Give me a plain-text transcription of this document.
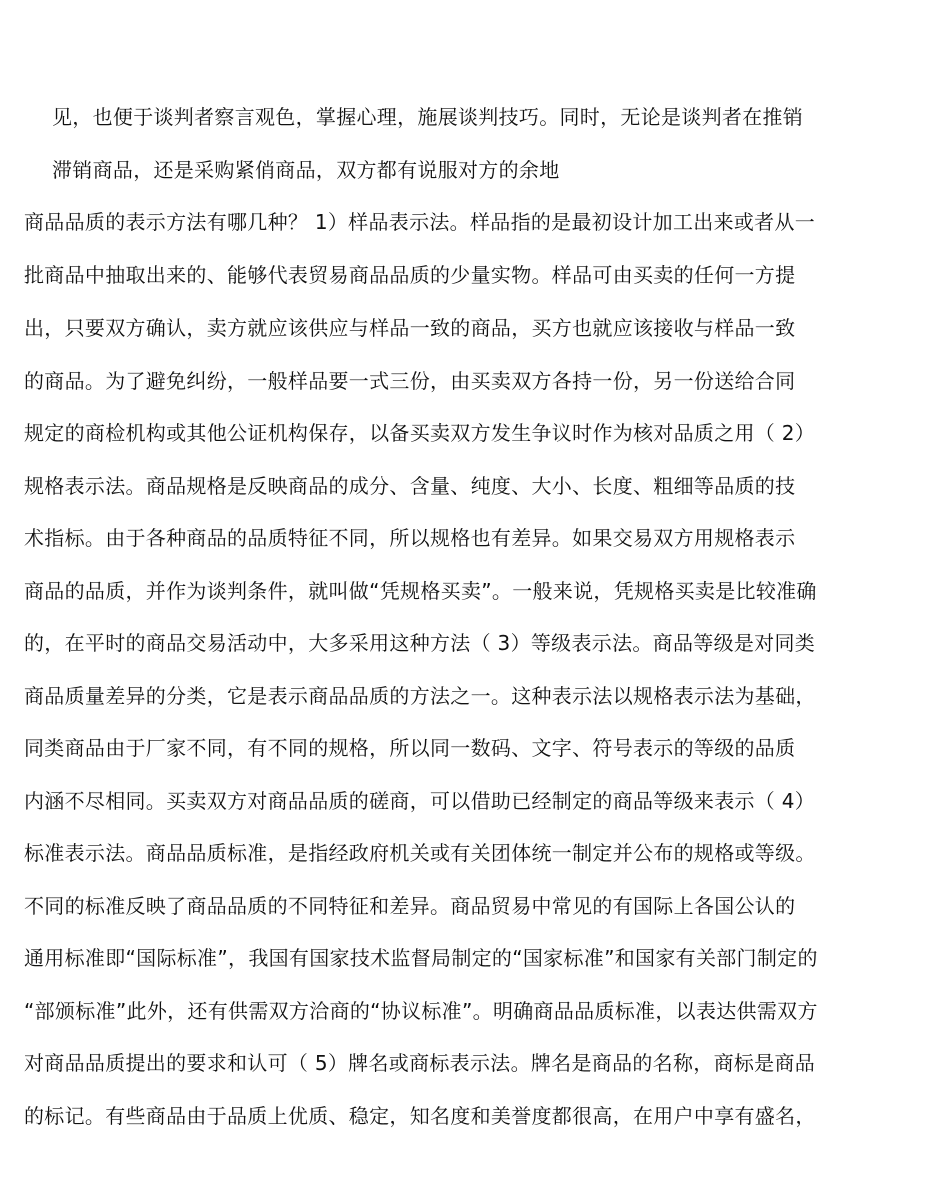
见，也便于谈判者察言观色，掌握心理，施展谈判技巧。同时，无论是谈判者在推销
滞销商品，还是采购紧俏商品，双方都有说服对方的余地
商品品质的表示方法有哪几种？ 1）样品表示法。样品指的是最初设计加工出来或者从一
批商品中抽取出来的、能够代表贸易商品品质的少量实物。样品可由买卖的任何一方提
出，只要双方确认，卖方就应该供应与样品一致的商品，买方也就应该接收与样品一致
的商品。为了避免纠纷，一般样品要一式三份，由买卖双方各持一份，另一份送给合同
规定的商检机构或其他公证机构保存，以备买卖双方发生争议时作为核对品质之用（ 2）
规格表示法。商品规格是反映商品的成分、含量、纯度、大小、长度、粗细等品质的技
术指标。由于各种商品的品质特征不同，所以规格也有差异。如果交易双方用规格表示
商品的品质，并作为谈判条件，就叫做“凭规格买卖”。一般来说，凭规格买卖是比较准确
的，在平时的商品交易活动中，大多采用这种方法（ 3）等级表示法。商品等级是对同类
商品质量差异的分类，它是表示商品品质的方法之一。这种表示法以规格表示法为基础，
同类商品由于厂家不同，有不同的规格，所以同一数码、文字、符号表示的等级的品质
内涵不尽相同。买卖双方对商品品质的磋商，可以借助已经制定的商品等级来表示（ 4）
标准表示法。商品品质标准，是指经政府机关或有关团体统一制定并公布的规格或等级。
不同的标准反映了商品品质的不同特征和差异。商品贸易中常见的有国际上各国公认的
通用标准即“国际标准”，我国有国家技术监督局制定的“国家标准”和国家有关部门制定的
“部颁标准”此外，还有供需双方洽商的“协议标准”。明确商品品质标准，以表达供需双方
对商品品质提出的要求和认可（ 5）牌名或商标表示法。牌名是商品的名称，商标是商品
的标记。有些商品由于品质上优质、稳定，知名度和美誉度都很高，在用户中享有盛名，
